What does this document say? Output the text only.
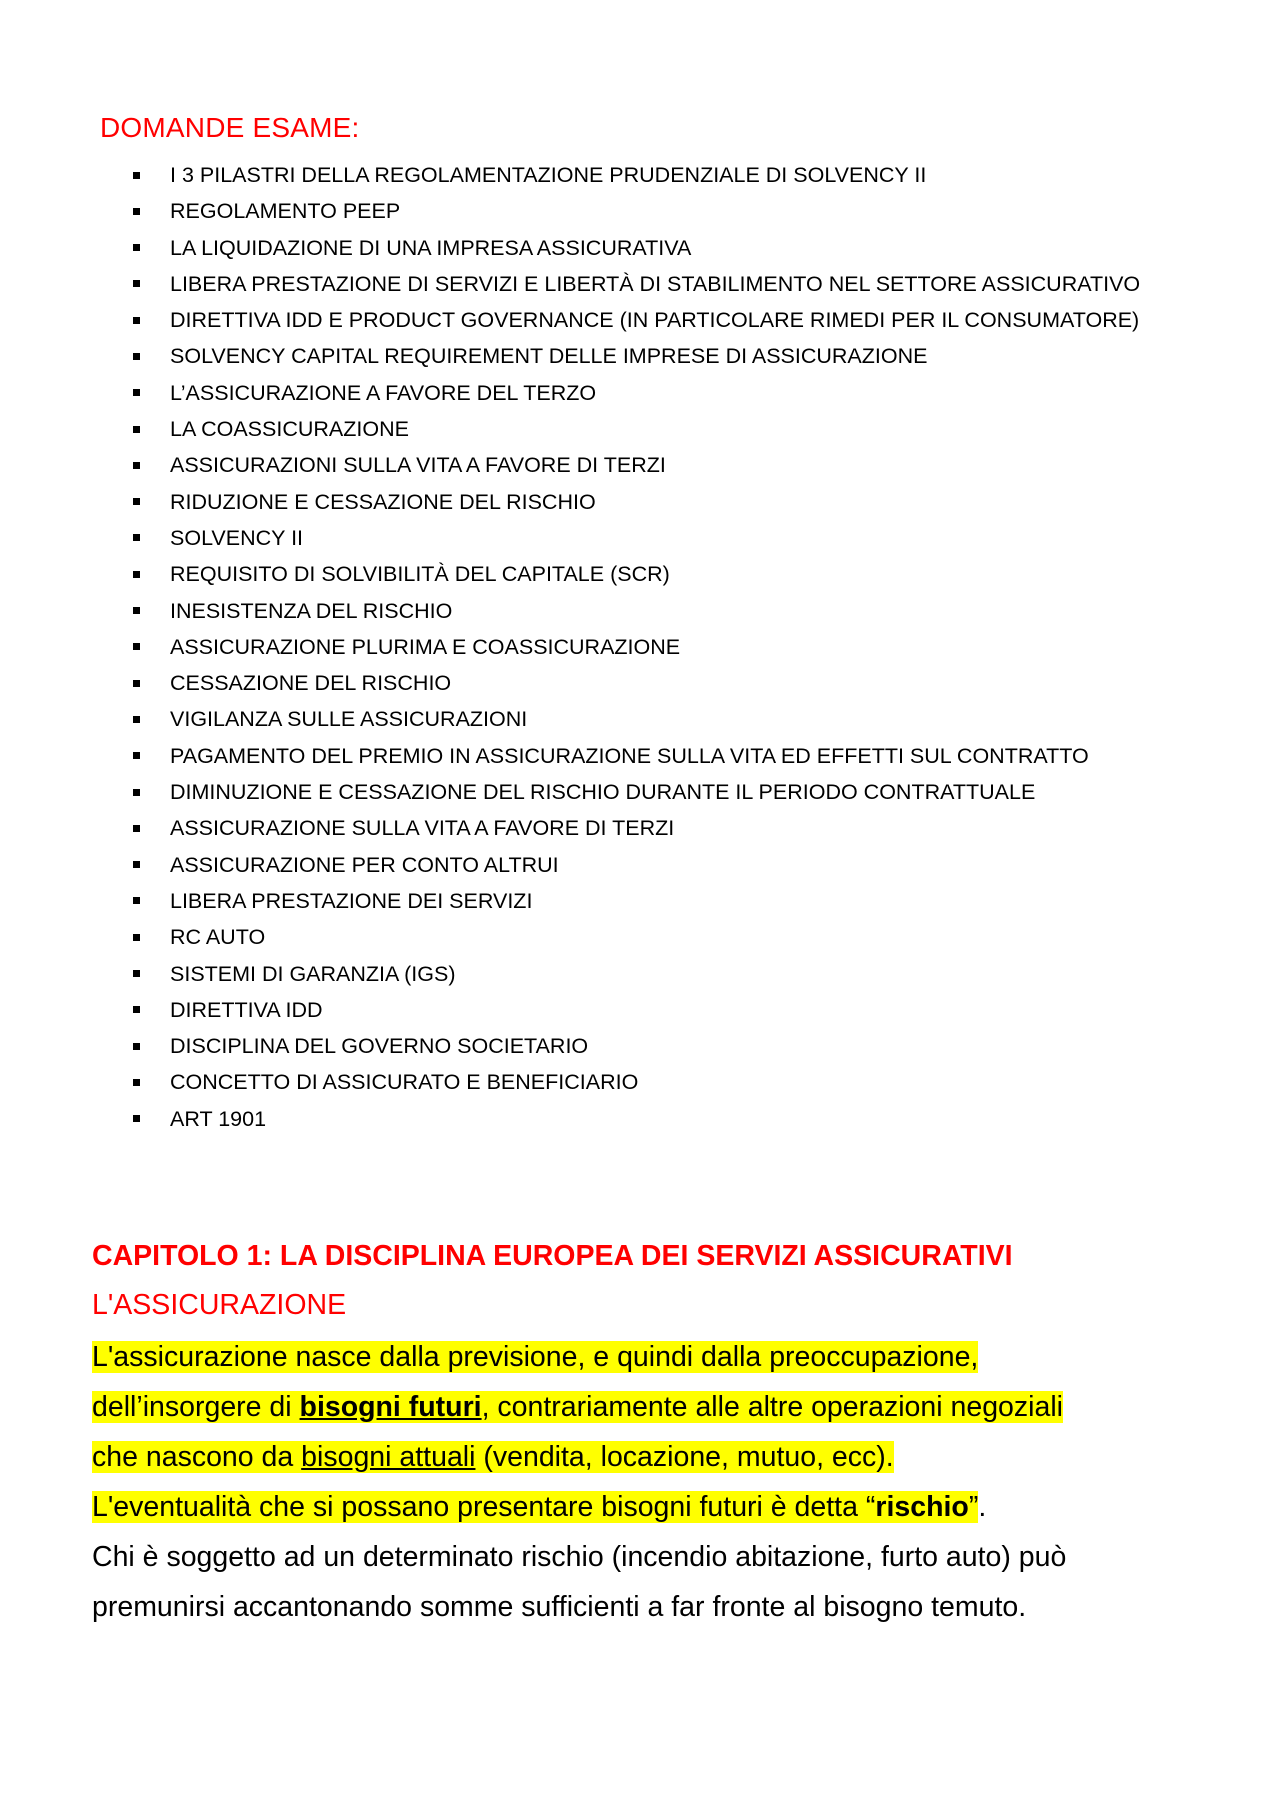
DOMANDE ESAME:
I 3 PILASTRI DELLA REGOLAMENTAZIONE PRUDENZIALE DI SOLVENCY II
REGOLAMENTO PEEP
LA LIQUIDAZIONE DI UNA IMPRESA ASSICURATIVA
LIBERA PRESTAZIONE DI SERVIZI E LIBERTÀ DI STABILIMENTO NEL SETTORE ASSICURATIVO
DIRETTIVA IDD E PRODUCT GOVERNANCE (IN PARTICOLARE RIMEDI PER IL CONSUMATORE)
SOLVENCY CAPITAL REQUIREMENT DELLE IMPRESE DI ASSICURAZIONE
L’ASSICURAZIONE A FAVORE DEL TERZO
LA COASSICURAZIONE
ASSICURAZIONI SULLA VITA A FAVORE DI TERZI
RIDUZIONE E CESSAZIONE DEL RISCHIO
SOLVENCY II
REQUISITO DI SOLVIBILITÀ DEL CAPITALE (SCR)
INESISTENZA DEL RISCHIO
ASSICURAZIONE PLURIMA E COASSICURAZIONE
CESSAZIONE DEL RISCHIO
VIGILANZA SULLE ASSICURAZIONI
PAGAMENTO DEL PREMIO IN ASSICURAZIONE SULLA VITA ED EFFETTI SUL CONTRATTO
DIMINUZIONE E CESSAZIONE DEL RISCHIO DURANTE IL PERIODO CONTRATTUALE
ASSICURAZIONE SULLA VITA A FAVORE DI TERZI
ASSICURAZIONE PER CONTO ALTRUI
LIBERA PRESTAZIONE DEI SERVIZI
RC AUTO
SISTEMI DI GARANZIA (IGS)
DIRETTIVA IDD
DISCIPLINA DEL GOVERNO SOCIETARIO
CONCETTO DI ASSICURATO E BENEFICIARIO
ART 1901
CAPITOLO 1: LA DISCIPLINA EUROPEA DEI SERVIZI ASSICURATIVI
L'ASSICURAZIONE
L'assicurazione nasce dalla previsione, e quindi dalla preoccupazione,
dell’insorgere di bisogni futuri, contrariamente alle altre operazioni negoziali
che nascono da bisogni attuali (vendita, locazione, mutuo, ecc).
L'eventualità che si possano presentare bisogni futuri è detta “rischio”.
Chi è soggetto ad un determinato rischio (incendio abitazione, furto auto) può
premunirsi accantonando somme sufficienti a far fronte al bisogno temuto.
